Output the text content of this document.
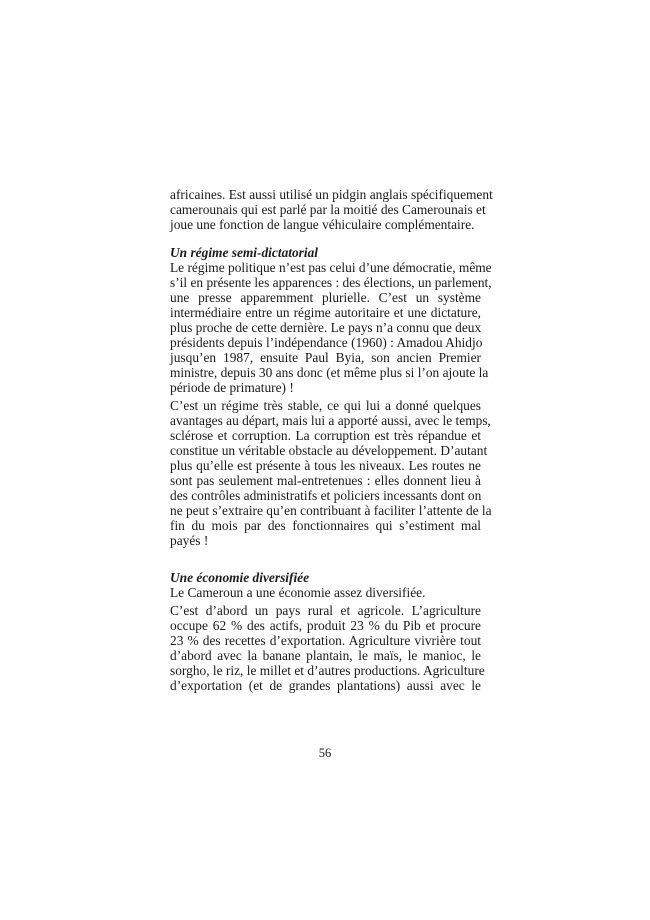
africaines. Est aussi utilisé un pidgin anglais spécifiquement
camerounais qui est parlé par la moitié des Camerounais et
joue une fonction de langue véhiculaire complémentaire.
Un régime semi-dictatorial
Le régime politique n’est pas celui d’une démocratie, même
s’il en présente les apparences : des élections, un parlement,
une presse apparemment plurielle. C’est un système
intermédiaire entre un régime autoritaire et une dictature,
plus proche de cette dernière. Le pays n’a connu que deux
présidents depuis l’indépendance (1960) : Amadou Ahidjo
jusqu’en 1987, ensuite Paul Byia, son ancien Premier
ministre, depuis 30 ans donc (et même plus si l’on ajoute la
période de primature) !
C’est un régime très stable, ce qui lui a donné quelques
avantages au départ, mais lui a apporté aussi, avec le temps,
sclérose et corruption. La corruption est très répandue et
constitue un véritable obstacle au développement. D’autant
plus qu’elle est présente à tous les niveaux. Les routes ne
sont pas seulement mal-entretenues : elles donnent lieu à
des contrôles administratifs et policiers incessants dont on
ne peut s’extraire qu’en contribuant à faciliter l’attente de la
fin du mois par des fonctionnaires qui s’estiment mal
payés !
Une économie diversifiée
Le Cameroun a une économie assez diversifiée.
C’est d’abord un pays rural et agricole. L’agriculture
occupe 62 % des actifs, produit 23 % du Pib et procure
23 % des recettes d’exportation. Agriculture vivrière tout
d’abord avec la banane plantain, le maïs, le manioc, le
sorgho, le riz, le millet et d’autres productions. Agriculture
d’exportation (et de grandes plantations) aussi avec le
56
